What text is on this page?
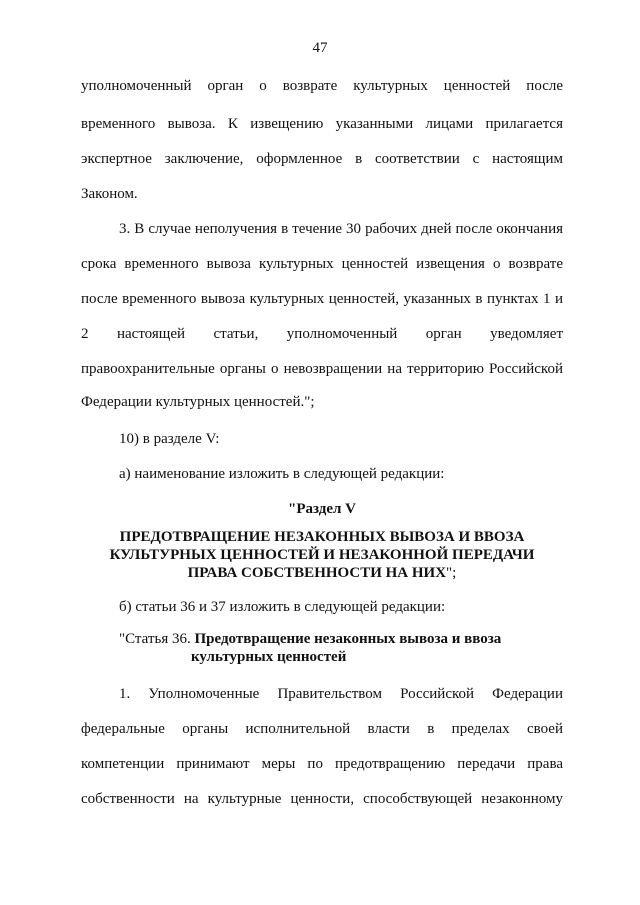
47
уполномоченный орган о возврате культурных ценностей после
временного вывоза. К извещению указанными лицами прилагается
экспертное заключение, оформленное в соответствии с настоящим
Законом.
3. В случае неполучения в течение 30 рабочих дней после окончания
срока временного вывоза культурных ценностей извещения о возврате
после временного вывоза культурных ценностей, указанных в пунктах 1 и
2 настоящей статьи, уполномоченный орган уведомляет
правоохранительные органы о невозвращении на территорию Российской
Федерации культурных ценностей.";
10) в разделе V:
а) наименование изложить в следующей редакции:
"Раздел V
ПРЕДОТВРАЩЕНИЕ НЕЗАКОННЫХ ВЫВОЗА И ВВОЗА
КУЛЬТУРНЫХ ЦЕННОСТЕЙ И НЕЗАКОННОЙ ПЕРЕДАЧИ
ПРАВА СОБСТВЕННОСТИ НА НИХ";
б) статьи 36 и 37 изложить в следующей редакции:
"Статья 36. Предотвращение незаконных вывоза и ввоза
культурных ценностей
1. Уполномоченные Правительством Российской Федерации
федеральные органы исполнительной власти в пределах своей
компетенции принимают меры по предотвращению передачи права
собственности на культурные ценности, способствующей незаконному
